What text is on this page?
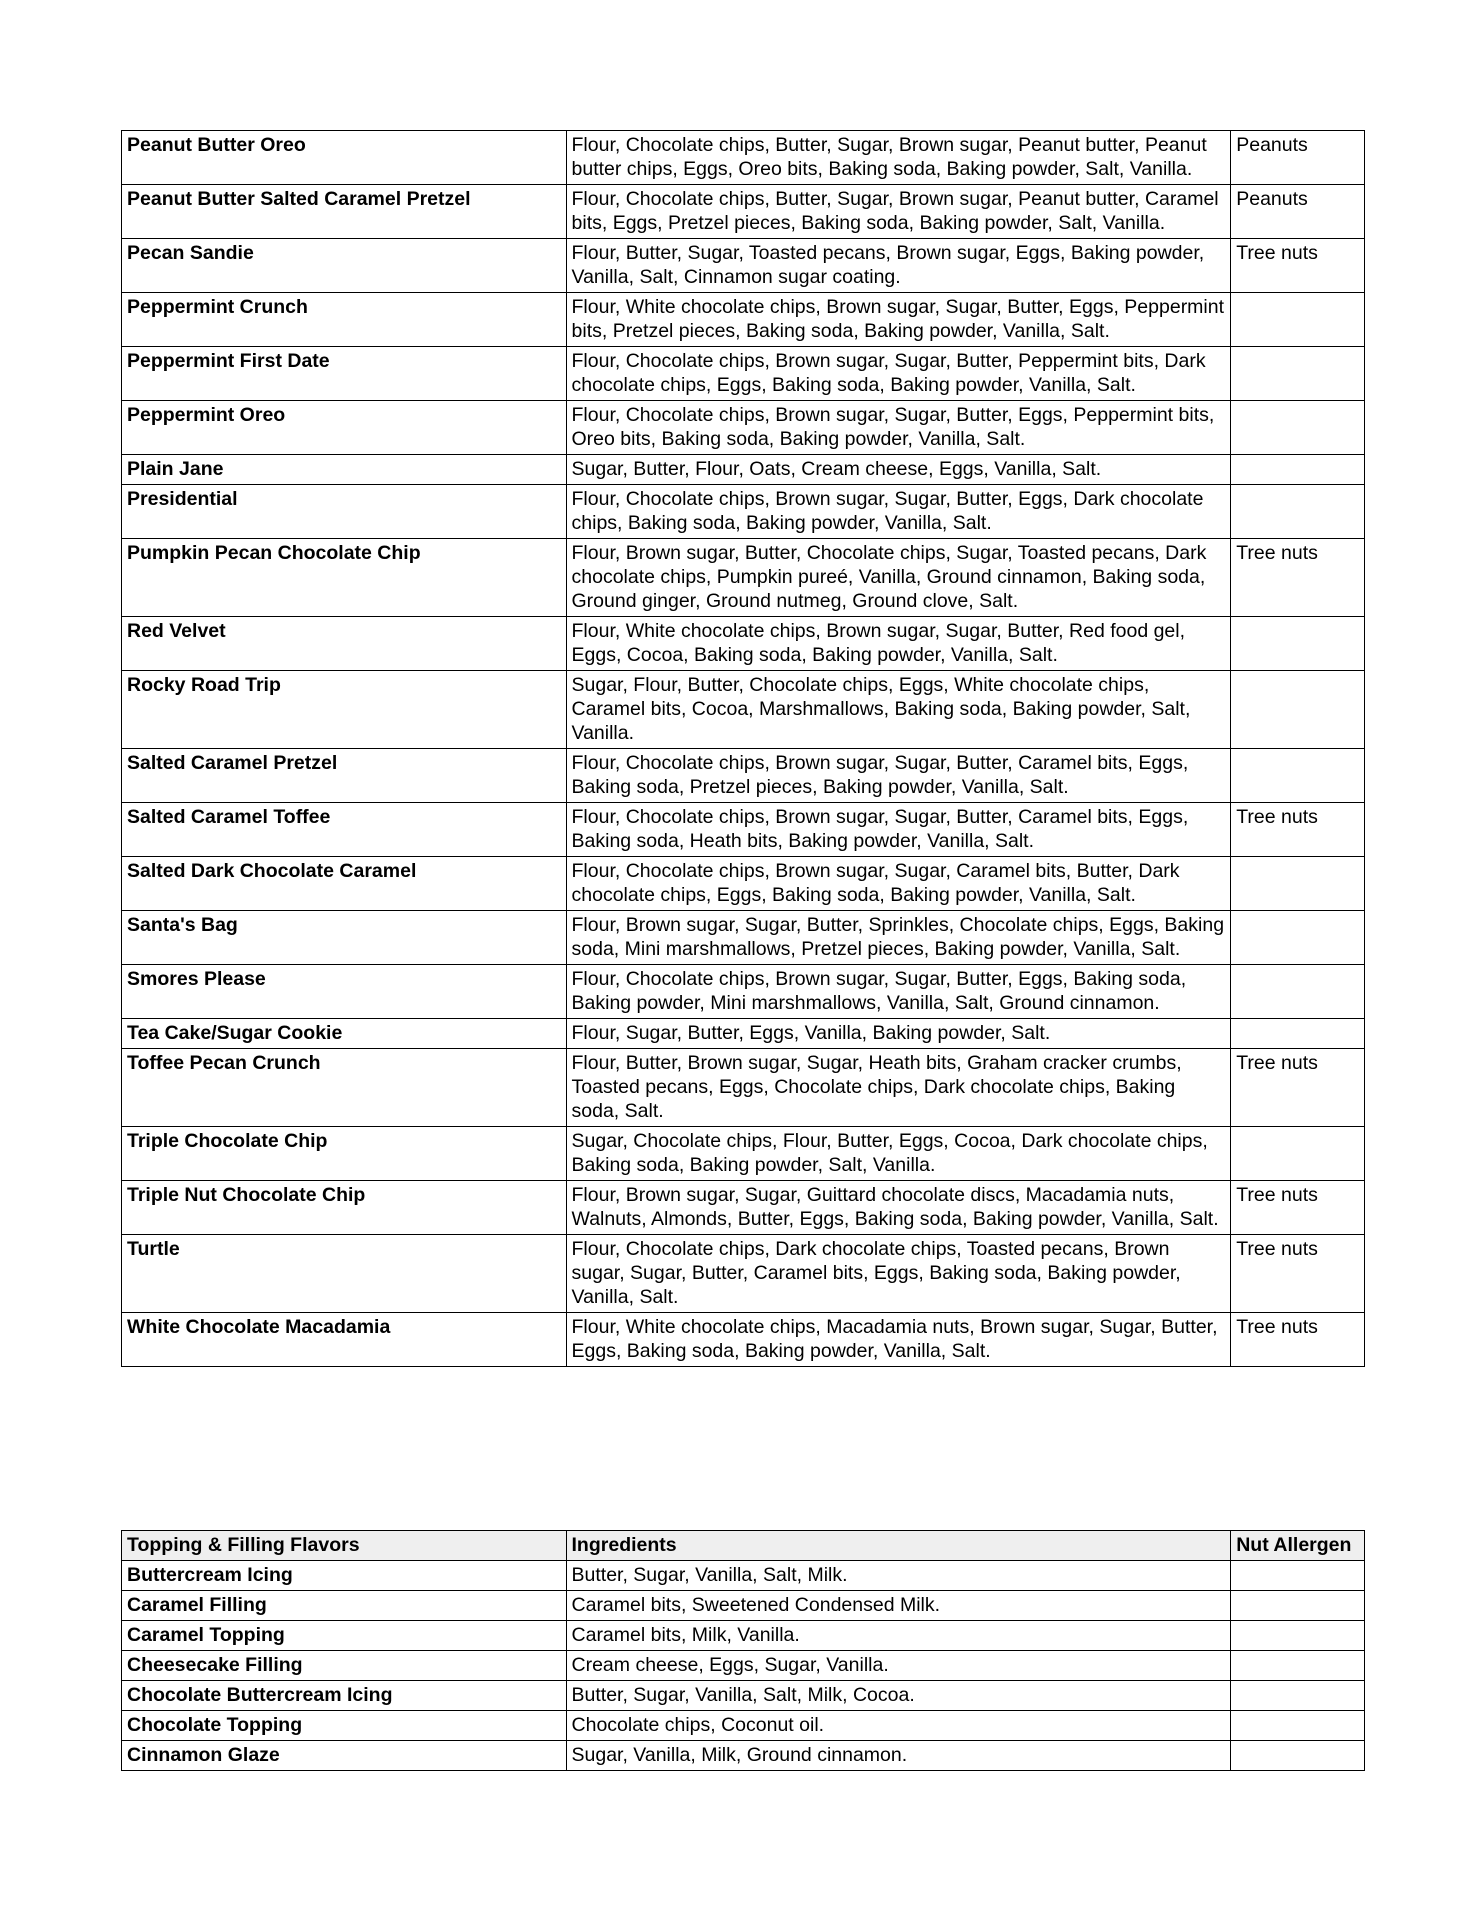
Peanut Butter Oreo	Flour, Chocolate chips, Butter, Sugar, Brown sugar, Peanut butter, Peanut butter chips, Eggs, Oreo bits, Baking soda, Baking powder, Salt, Vanilla.	Peanuts
Peanut Butter Salted Caramel Pretzel	Flour, Chocolate chips, Butter, Sugar, Brown sugar, Peanut butter, Caramel bits, Eggs, Pretzel pieces, Baking soda, Baking powder, Salt, Vanilla.	Peanuts
Pecan Sandie	Flour, Butter, Sugar, Toasted pecans, Brown sugar, Eggs, Baking powder, Vanilla, Salt, Cinnamon sugar coating.	Tree nuts
Peppermint Crunch	Flour, White chocolate chips, Brown sugar, Sugar, Butter, Eggs, Peppermint bits, Pretzel pieces, Baking soda, Baking powder, Vanilla, Salt.	
Peppermint First Date	Flour, Chocolate chips, Brown sugar, Sugar, Butter, Peppermint bits, Dark chocolate chips, Eggs, Baking soda, Baking powder, Vanilla, Salt.	
Peppermint Oreo	Flour, Chocolate chips, Brown sugar, Sugar, Butter, Eggs, Peppermint bits, Oreo bits, Baking soda, Baking powder, Vanilla, Salt.	
Plain Jane	Sugar, Butter, Flour, Oats, Cream cheese, Eggs, Vanilla, Salt.	
Presidential	Flour, Chocolate chips, Brown sugar, Sugar, Butter, Eggs, Dark chocolate chips, Baking soda, Baking powder, Vanilla, Salt.	
Pumpkin Pecan Chocolate Chip	Flour, Brown sugar, Butter, Chocolate chips, Sugar, Toasted pecans, Dark chocolate chips, Pumpkin pureé, Vanilla, Ground cinnamon, Baking soda, Ground ginger, Ground nutmeg, Ground clove, Salt.	Tree nuts
Red Velvet	Flour, White chocolate chips, Brown sugar, Sugar, Butter, Red food gel, Eggs, Cocoa, Baking soda, Baking powder, Vanilla, Salt.	
Rocky Road Trip	Sugar, Flour, Butter, Chocolate chips, Eggs, White chocolate chips, Caramel bits, Cocoa, Marshmallows, Baking soda, Baking powder, Salt, Vanilla.	
Salted Caramel Pretzel	Flour, Chocolate chips, Brown sugar, Sugar, Butter, Caramel bits, Eggs, Baking soda, Pretzel pieces, Baking powder, Vanilla, Salt.	
Salted Caramel Toffee	Flour, Chocolate chips, Brown sugar, Sugar, Butter, Caramel bits, Eggs, Baking soda, Heath bits, Baking powder, Vanilla, Salt.	Tree nuts
Salted Dark Chocolate Caramel	Flour, Chocolate chips, Brown sugar, Sugar, Caramel bits, Butter, Dark chocolate chips, Eggs, Baking soda, Baking powder, Vanilla, Salt.	
Santa's Bag	Flour, Brown sugar, Sugar, Butter, Sprinkles, Chocolate chips, Eggs, Baking soda, Mini marshmallows, Pretzel pieces, Baking powder, Vanilla, Salt.	
Smores Please	Flour, Chocolate chips, Brown sugar, Sugar, Butter, Eggs, Baking soda, Baking powder, Mini marshmallows, Vanilla, Salt, Ground cinnamon.	
Tea Cake/Sugar Cookie	Flour, Sugar, Butter, Eggs, Vanilla, Baking powder, Salt.	
Toffee Pecan Crunch	Flour, Butter, Brown sugar, Sugar, Heath bits, Graham cracker crumbs, Toasted pecans, Eggs, Chocolate chips, Dark chocolate chips, Baking soda, Salt.	Tree nuts
Triple Chocolate Chip	Sugar, Chocolate chips, Flour, Butter, Eggs, Cocoa, Dark chocolate chips, Baking soda, Baking powder, Salt, Vanilla.	
Triple Nut Chocolate Chip	Flour, Brown sugar, Sugar, Guittard chocolate discs, Macadamia nuts, Walnuts, Almonds, Butter, Eggs, Baking soda, Baking powder, Vanilla, Salt.	Tree nuts
Turtle	Flour, Chocolate chips, Dark chocolate chips, Toasted pecans, Brown sugar, Sugar, Butter, Caramel bits, Eggs, Baking soda, Baking powder, Vanilla, Salt.	Tree nuts
White Chocolate Macadamia	Flour, White chocolate chips, Macadamia nuts, Brown sugar, Sugar, Butter, Eggs, Baking soda, Baking powder, Vanilla, Salt.	Tree nuts
Topping & Filling Flavors	Ingredients	Nut Allergen
Buttercream Icing	Butter, Sugar, Vanilla, Salt, Milk.	
Caramel Filling	Caramel bits, Sweetened Condensed Milk.	
Caramel Topping	Caramel bits, Milk, Vanilla.	
Cheesecake Filling	Cream cheese, Eggs, Sugar, Vanilla.	
Chocolate Buttercream Icing	Butter, Sugar, Vanilla, Salt, Milk, Cocoa.	
Chocolate Topping	Chocolate chips, Coconut oil.	
Cinnamon Glaze	Sugar, Vanilla, Milk, Ground cinnamon.	
